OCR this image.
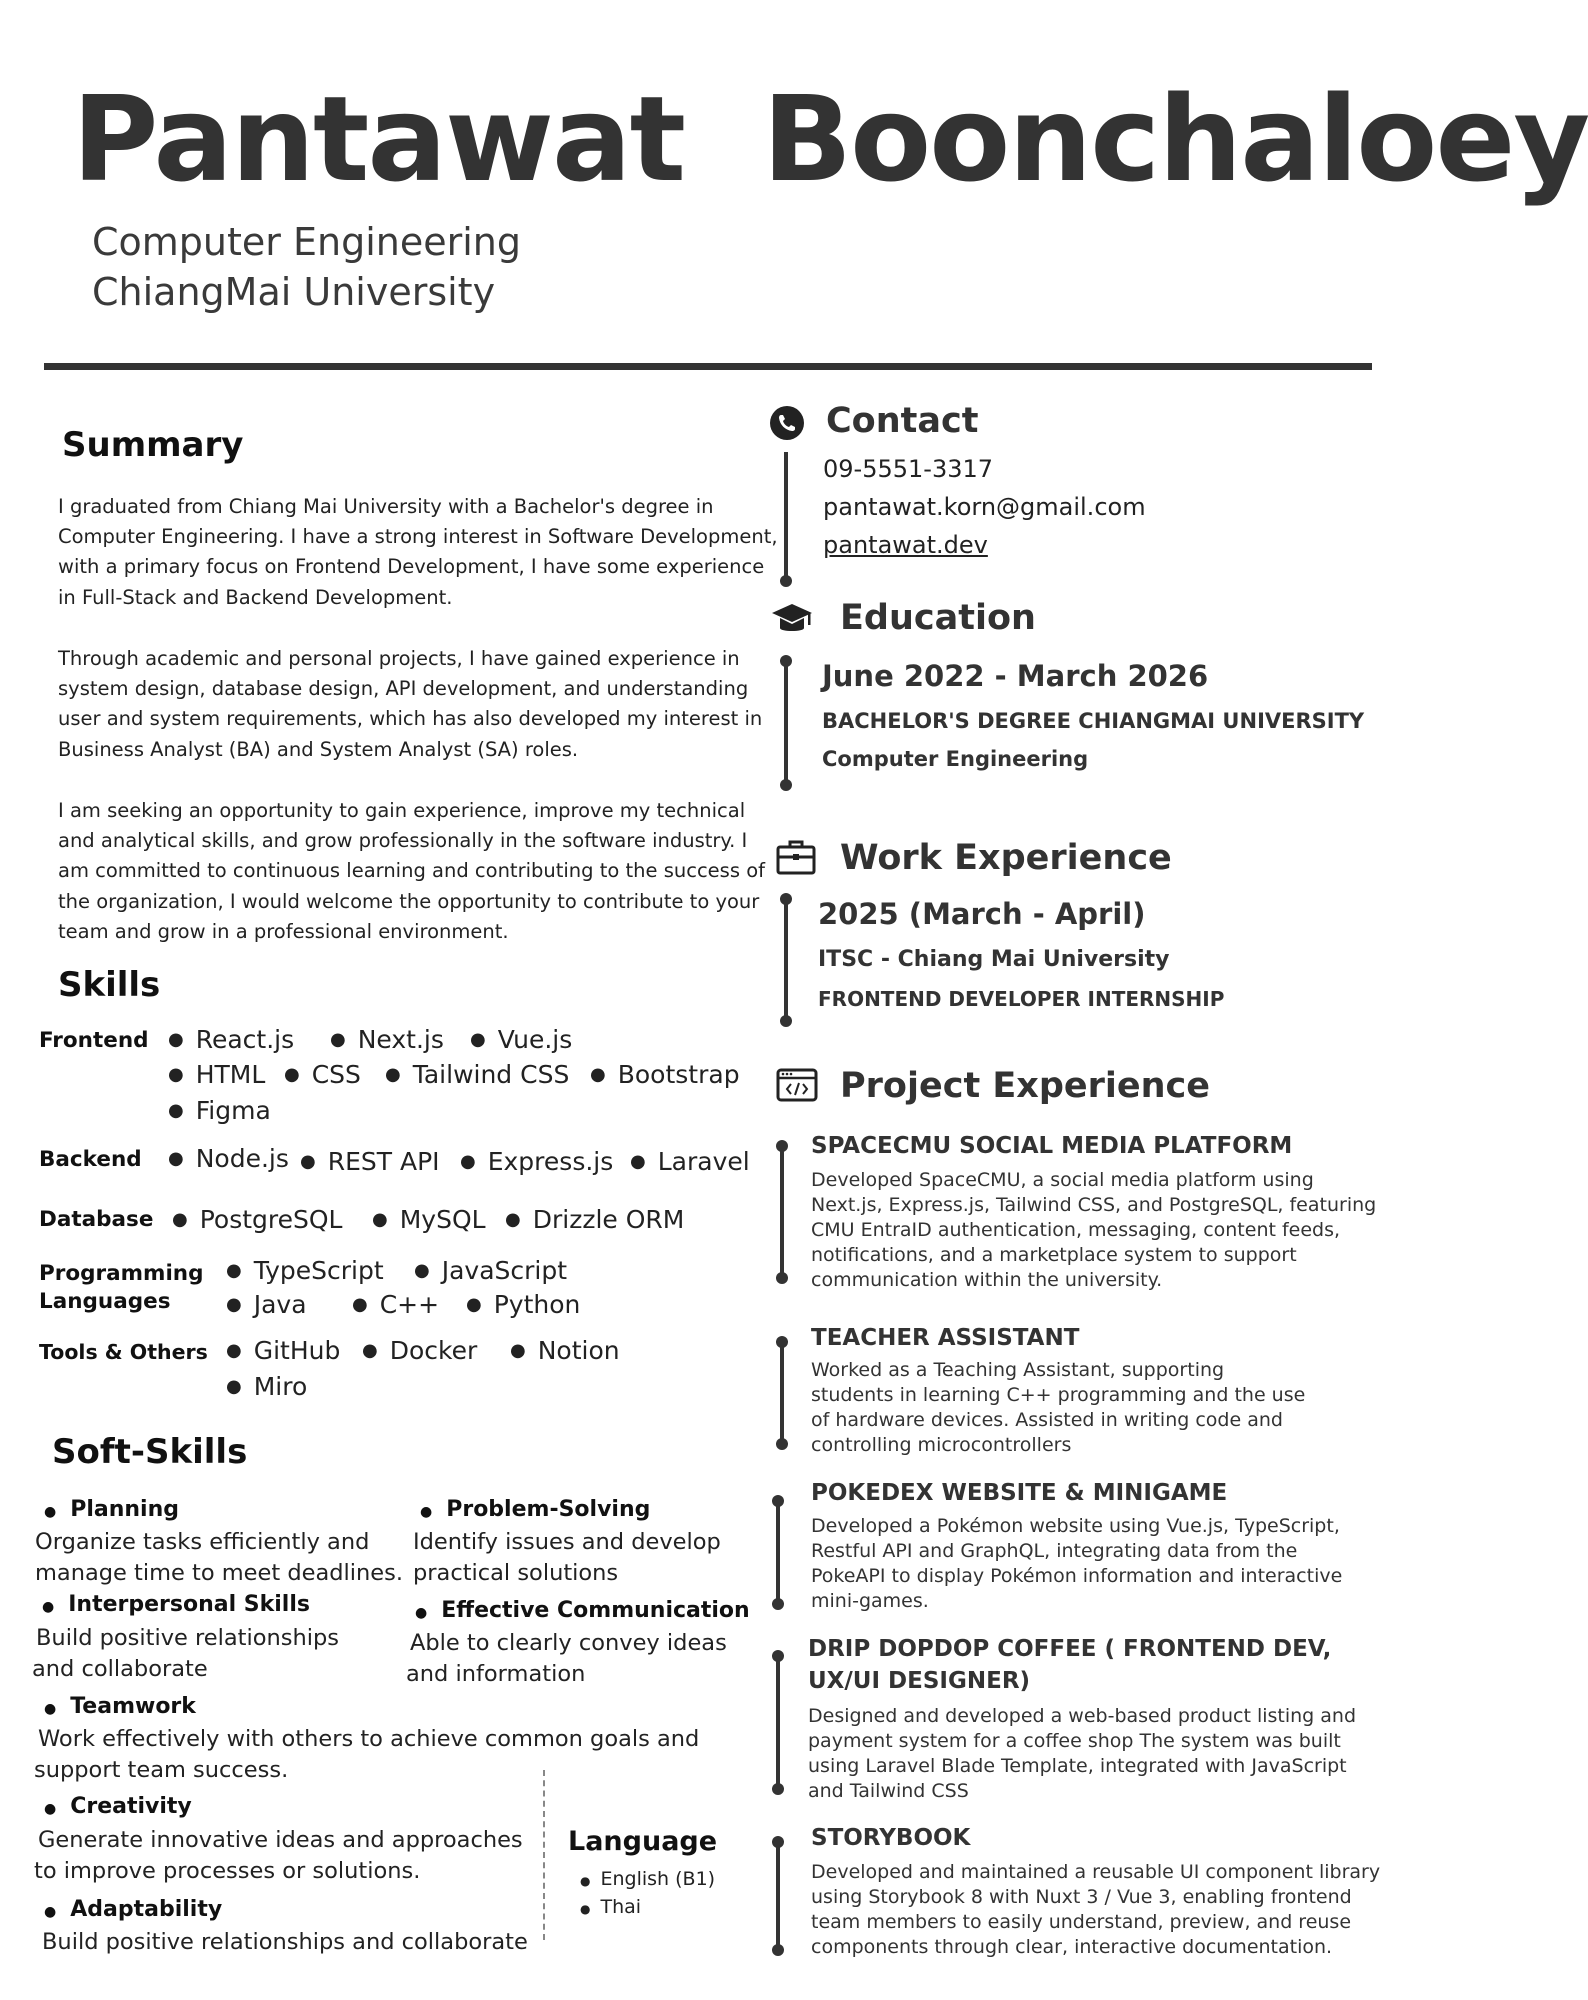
Pantawat Boonchaloey
Computer Engineering
ChiangMai University
Summary
I graduated from Chiang Mai University with a Bachelor's degree in Computer Engineering. I have a strong interest in Software Development, with a primary focus on Frontend Development, I have some experience in Full-Stack and Backend Development.
Through academic and personal projects, I have gained experience in system design, database design, API development, and understanding user and system requirements, which has also developed my interest in Business Analyst (BA) and System Analyst (SA) roles.
I am seeking an opportunity to gain experience, improve my technical and analytical skills, and grow professionally in the software industry. I am committed to continuous learning and contributing to the success of the organization, I would welcome the opportunity to contribute to your team and grow in a professional environment.
Skills
Frontend ● React.js ● Next.js ● Vue.js
● HTML ● CSS ● Tailwind CSS ● Bootstrap
● Figma
Backend ● Node.js ● REST API ● Express.js ● Laravel
Database ● PostgreSQL ● MySQL ● Drizzle ORM
Programming
Languages
● TypeScript ● JavaScript
● Java	● C++ ● Python
Tools & Others ● GitHub ● Docker ● Notion
● Miro
Soft-Skills
● Planning
Organize tasks efficiently and
manage time to meet deadlines.
● Problem-Solving
Identify issues and develop
practical solutions
● Interpersonal Skills
Build positive relationships
and collaborate
● Effective Communication
Able to clearly convey ideas
and information
● Teamwork
Work effectively with others to achieve common goals and
support team success.
● Creativity
Generate innovative ideas and approaches
to improve processes or solutions.
● Adaptability
Build positive relationships and collaborate
Language
● English (B1)
● Thai
Contact
09-5551-3317
pantawat.korn@gmail.com
pantawat.dev
Education
June 2022 - March 2026
BACHELOR'S DEGREE CHIANGMAI UNIVERSITY
Computer Engineering
Work Experience
2025 (March - April)
ITSC - Chiang Mai University
FRONTEND DEVELOPER INTERNSHIP
Project Experience
SPACECMU SOCIAL MEDIA PLATFORM
Developed SpaceCMU, a social media platform using
Next.js, Express.js, Tailwind CSS, and PostgreSQL, featuring
CMU EntraID authentication, messaging, content feeds,
notifications, and a marketplace system to support
communication within the university.
TEACHER ASSISTANT
Worked as a Teaching Assistant, supporting
students in learning C++ programming and the use
of hardware devices. Assisted in writing code and
controlling microcontrollers
POKEDEX WEBSITE & MINIGAME
Developed a Pokémon website using Vue.js, TypeScript,
Restful API and GraphQL, integrating data from the
PokeAPI to display Pokémon information and interactive
mini-games.
DRIP DOPDOP COFFEE ( FRONTEND DEV,
UX/UI DESIGNER)
Designed and developed a web-based product listing and
payment system for a coffee shop The system was built
using Laravel Blade Template, integrated with JavaScript
and Tailwind CSS
STORYBOOK
Developed and maintained a reusable UI component library
using Storybook 8 with Nuxt 3 / Vue 3, enabling frontend
team members to easily understand, preview, and reuse
components through clear, interactive documentation.
